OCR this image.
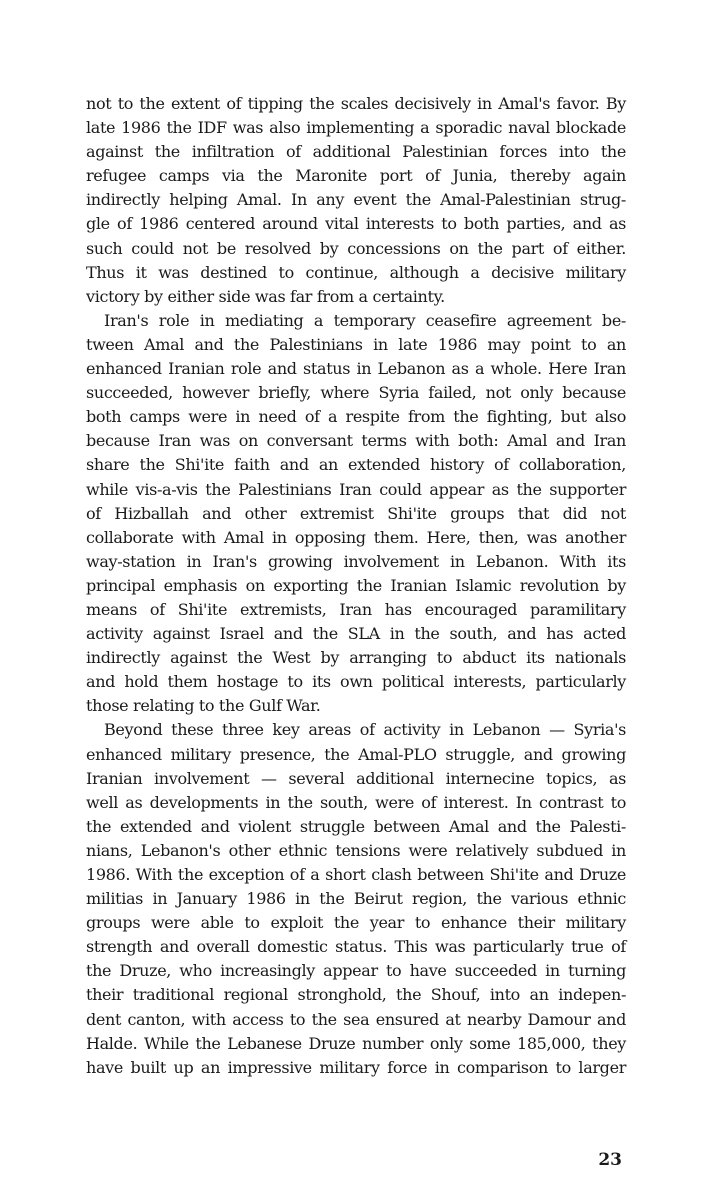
not to the extent of tipping the scales decisively in Amal's favor. By
late 1986 the IDF was also implementing a sporadic naval blockade
against the infiltration of additional Palestinian forces into the
refugee camps via the Maronite port of Junia, thereby again
indirectly helping Amal. In any event the Amal-Palestinian strug-
gle of 1986 centered around vital interests to both parties, and as
such could not be resolved by concessions on the part of either.
Thus it was destined to continue, although a decisive military
victory by either side was far from a certainty.
Iran's role in mediating a temporary ceasefire agreement be-
tween Amal and the Palestinians in late 1986 may point to an
enhanced Iranian role and status in Lebanon as a whole. Here Iran
succeeded, however briefly, where Syria failed, not only because
both camps were in need of a respite from the fighting, but also
because Iran was on conversant terms with both: Amal and Iran
share the Shi'ite faith and an extended history of collaboration,
while vis-a-vis the Palestinians Iran could appear as the supporter
of Hizballah and other extremist Shi'ite groups that did not
collaborate with Amal in opposing them. Here, then, was another
way-station in Iran's growing involvement in Lebanon. With its
principal emphasis on exporting the Iranian Islamic revolution by
means of Shi'ite extremists, Iran has encouraged paramilitary
activity against Israel and the SLA in the south, and has acted
indirectly against the West by arranging to abduct its nationals
and hold them hostage to its own political interests, particularly
those relating to the Gulf War.
Beyond these three key areas of activity in Lebanon — Syria's
enhanced military presence, the Amal-PLO struggle, and growing
Iranian involvement — several additional internecine topics, as
well as developments in the south, were of interest. In contrast to
the extended and violent struggle between Amal and the Palesti-
nians, Lebanon's other ethnic tensions were relatively subdued in
1986. With the exception of a short clash between Shi'ite and Druze
militias in January 1986 in the Beirut region, the various ethnic
groups were able to exploit the year to enhance their military
strength and overall domestic status. This was particularly true of
the Druze, who increasingly appear to have succeeded in turning
their traditional regional stronghold, the Shouf, into an indepen-
dent canton, with access to the sea ensured at nearby Damour and
Halde. While the Lebanese Druze number only some 185,000, they
have built up an impressive military force in comparison to larger
23
